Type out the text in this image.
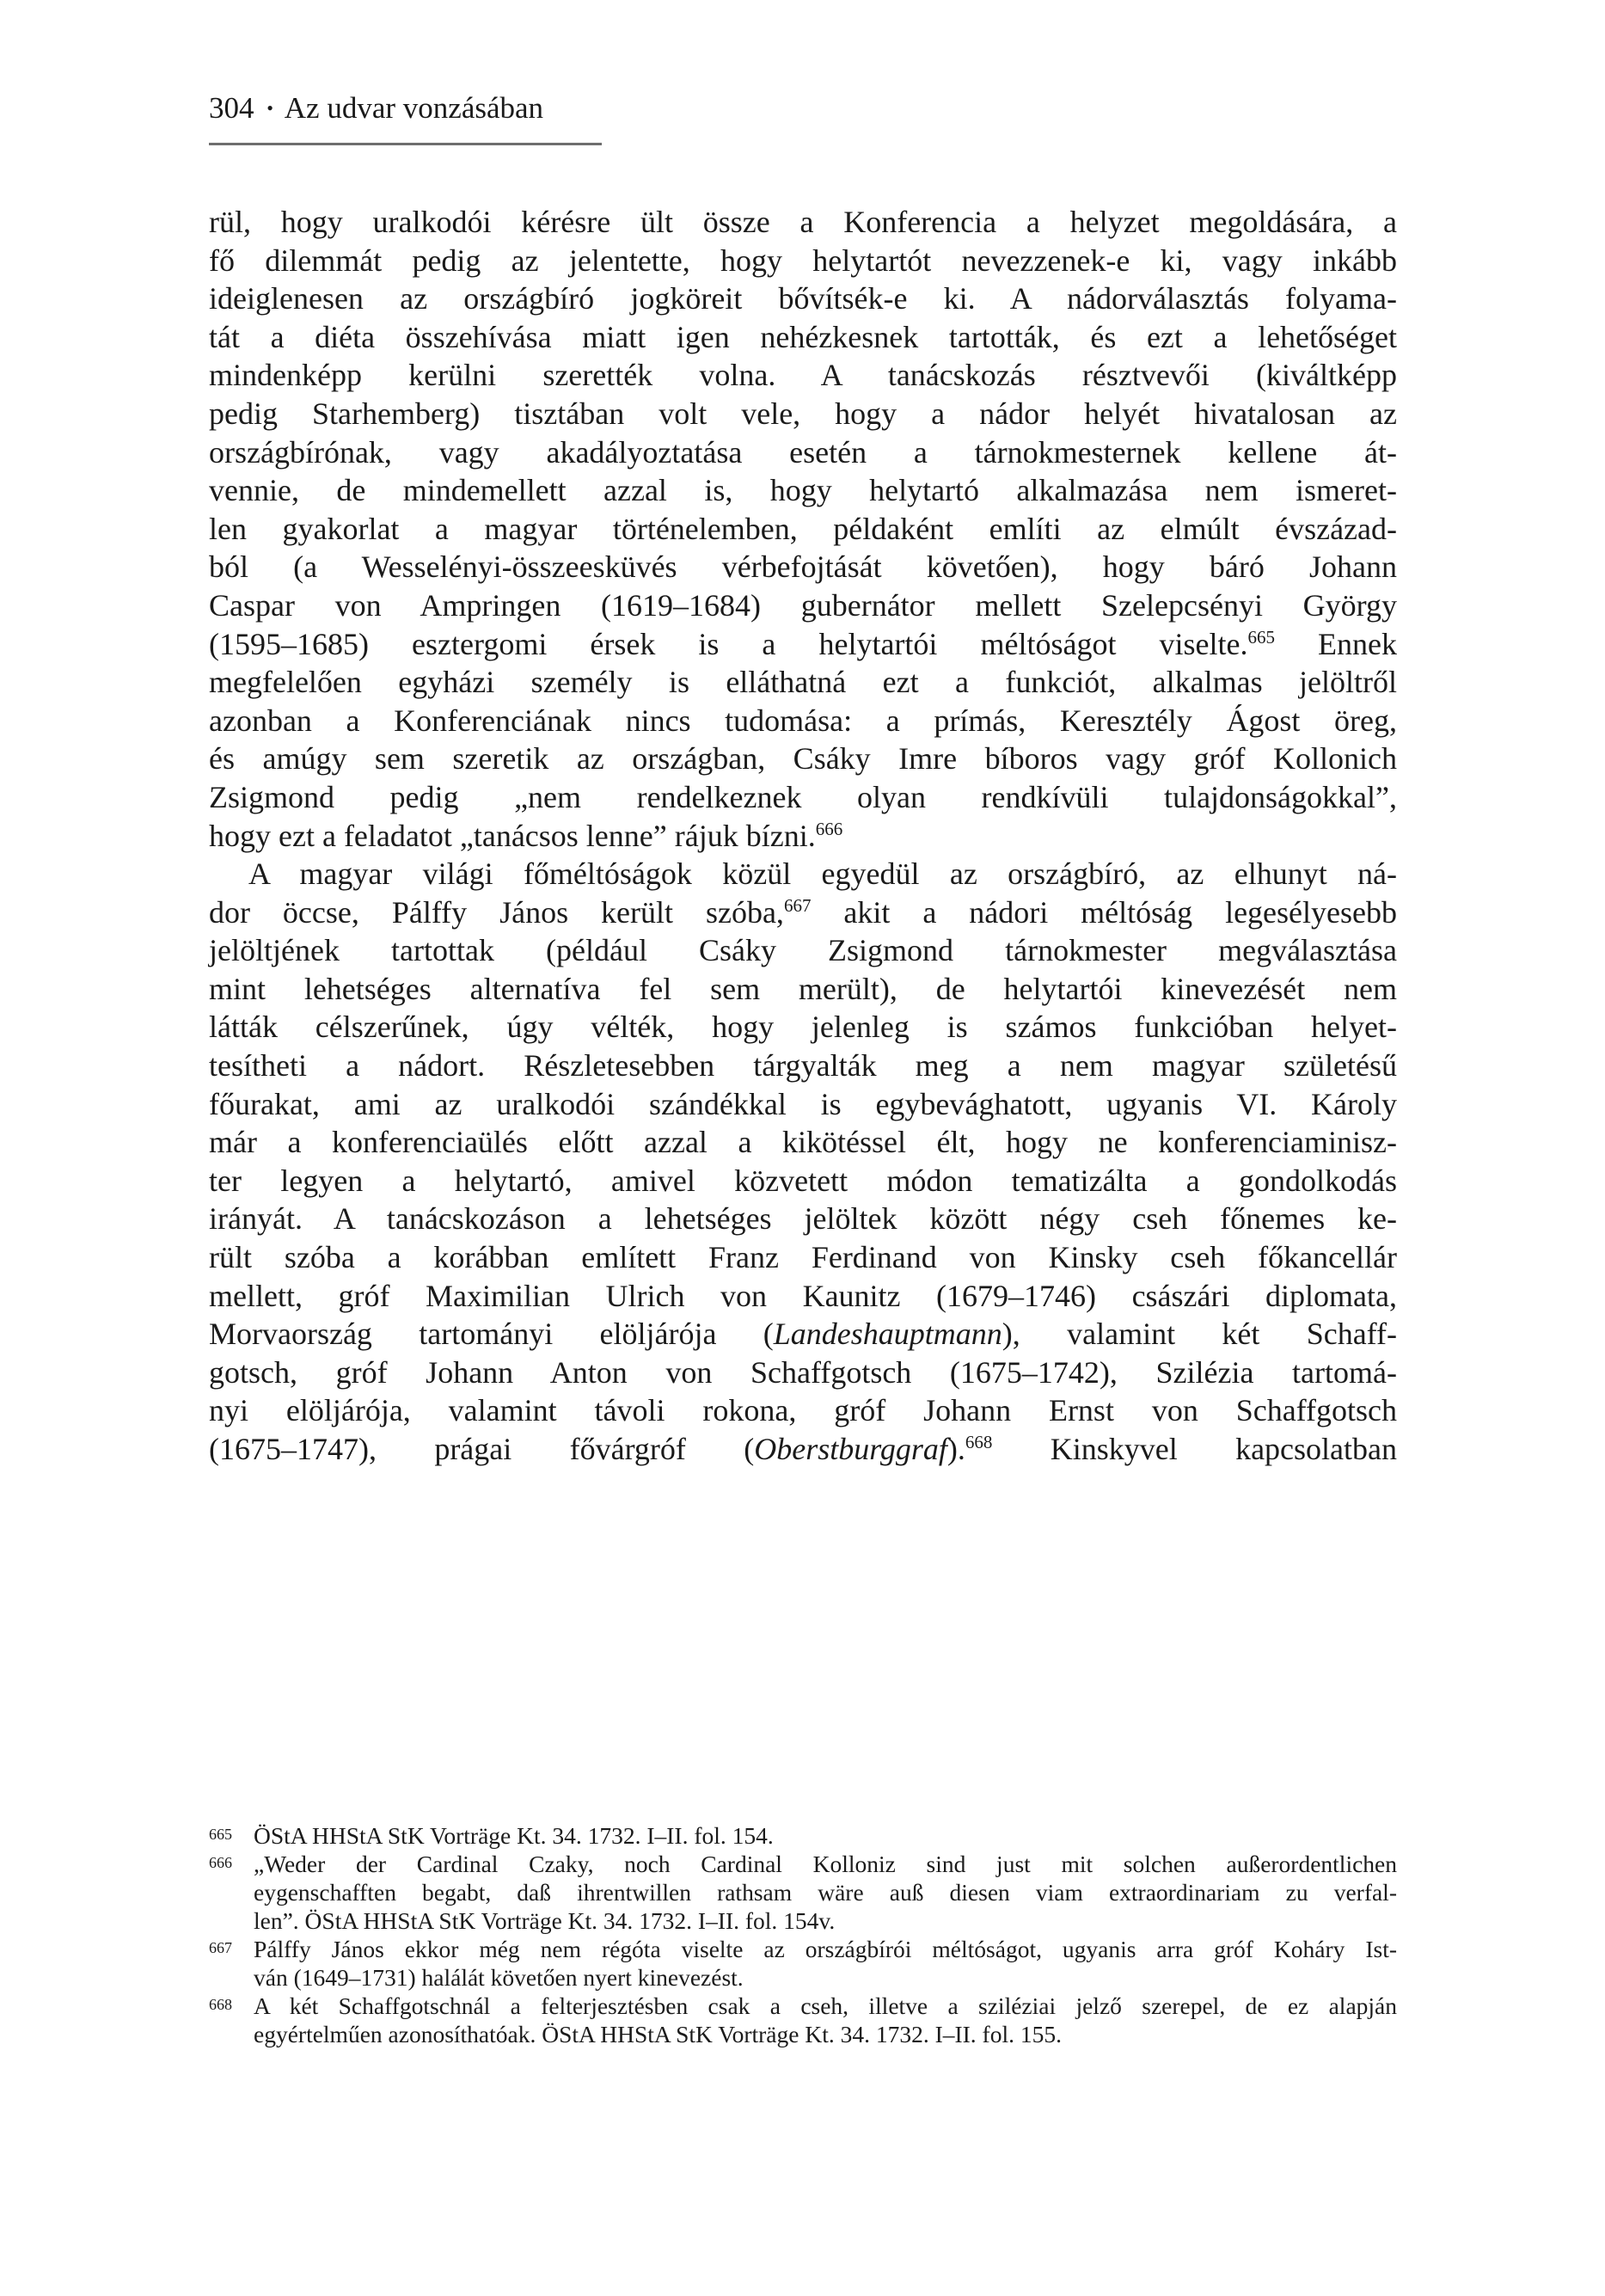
304 • Az udvar vonzásában
rül, hogy uralkodói kérésre ült össze a Konferencia a helyzet megoldására, a
fő dilemmát pedig az jelentette, hogy helytartót nevezzenek-e ki, vagy inkább
ideiglenesen az országbíró jogköreit bővítsék-e ki. A nádorválasztás folyama-
tát a diéta összehívása miatt igen nehézkesnek tartották, és ezt a lehetőséget
mindenképp kerülni szerették volna. A tanácskozás résztvevői (kiváltképp
pedig Starhemberg) tisztában volt vele, hogy a nádor helyét hivatalosan az
országbírónak, vagy akadályoztatása esetén a tárnokmesternek kellene át-
vennie, de mindemellett azzal is, hogy helytartó alkalmazása nem ismeret-
len gyakorlat a magyar történelemben, példaként említi az elmúlt évszázad-
ból (a Wesselényi-összeesküvés vérbefojtását követően), hogy báró Johann
Caspar von Ampringen (1619–1684) gubernátor mellett Szelepcsényi György
(1595–1685) esztergomi érsek is a helytartói méltóságot viselte.$^{665}$ Ennek
megfelelően egyházi személy is elláthatná ezt a funkciót, alkalmas jelöltről
azonban a Konferenciának nincs tudomása: a prímás, Keresztély Ágost öreg,
és amúgy sem szeretik az országban, Csáky Imre bíboros vagy gróf Kollonich
Zsigmond pedig „nem rendelkeznek olyan rendkívüli tulajdonságokkal”,
hogy ezt a feladatot „tanácsos lenne” rájuk bízni.$^{666}$
A magyar világi főméltóságok közül egyedül az országbíró, az elhunyt ná-
dor öccse, Pálffy János került szóba,$^{667}$ akit a nádori méltóság legesélyesebb
jelöltjének tartottak (például Csáky Zsigmond tárnokmester megválasztása
mint lehetséges alternatíva fel sem merült), de helytartói kinevezését nem
látták célszerűnek, úgy vélték, hogy jelenleg is számos funkcióban helyet-
tesítheti a nádort. Részletesebben tárgyalták meg a nem magyar születésű
főurakat, ami az uralkodói szándékkal is egybevághatott, ugyanis VI. Károly
már a konferenciaülés előtt azzal a kikötéssel élt, hogy ne konferenciaminisz-
ter legyen a helytartó, amivel közvetett módon tematizálta a gondolkodás
irányát. A tanácskozáson a lehetséges jelöltek között négy cseh főnemes ke-
rült szóba a korábban említett Franz Ferdinand von Kinsky cseh főkancellár
mellett, gróf Maximilian Ulrich von Kaunitz (1679–1746) császári diplomata,
Morvaország tartományi elöljárója (Landeshauptmann), valamint két Schaff-
gotsch, gróf Johann Anton von Schaffgotsch (1675–1742), Szilézia tartomá-
nyi elöljárója, valamint távoli rokona, gróf Johann Ernst von Schaffgotsch
(1675–1747), prágai fővárgróf (Oberstburggraf).$^{668}$ Kinskyvel kapcsolatban
665 ÖStA HHStA StK Vorträge Kt. 34. 1732. I–II. fol. 154.
666 „Weder der Cardinal Czaky, noch Cardinal Kolloniz sind just mit solchen außerordentlichen
eygenschafften begabt, daß ihrentwillen rathsam wäre auß diesen viam extraordinariam zu verfal-
len”. ÖStA HHStA StK Vorträge Kt. 34. 1732. I–II. fol. 154v.
667 Pálffy János ekkor még nem régóta viselte az országbírói méltóságot, ugyanis arra gróf Koháry Ist-
ván (1649–1731) halálát követően nyert kinevezést.
668 A két Schaffgotschnál a felterjesztésben csak a cseh, illetve a sziléziai jelző szerepel, de ez alapján
egyértelműen azonosíthatóak. ÖStA HHStA StK Vorträge Kt. 34. 1732. I–II. fol. 155.
